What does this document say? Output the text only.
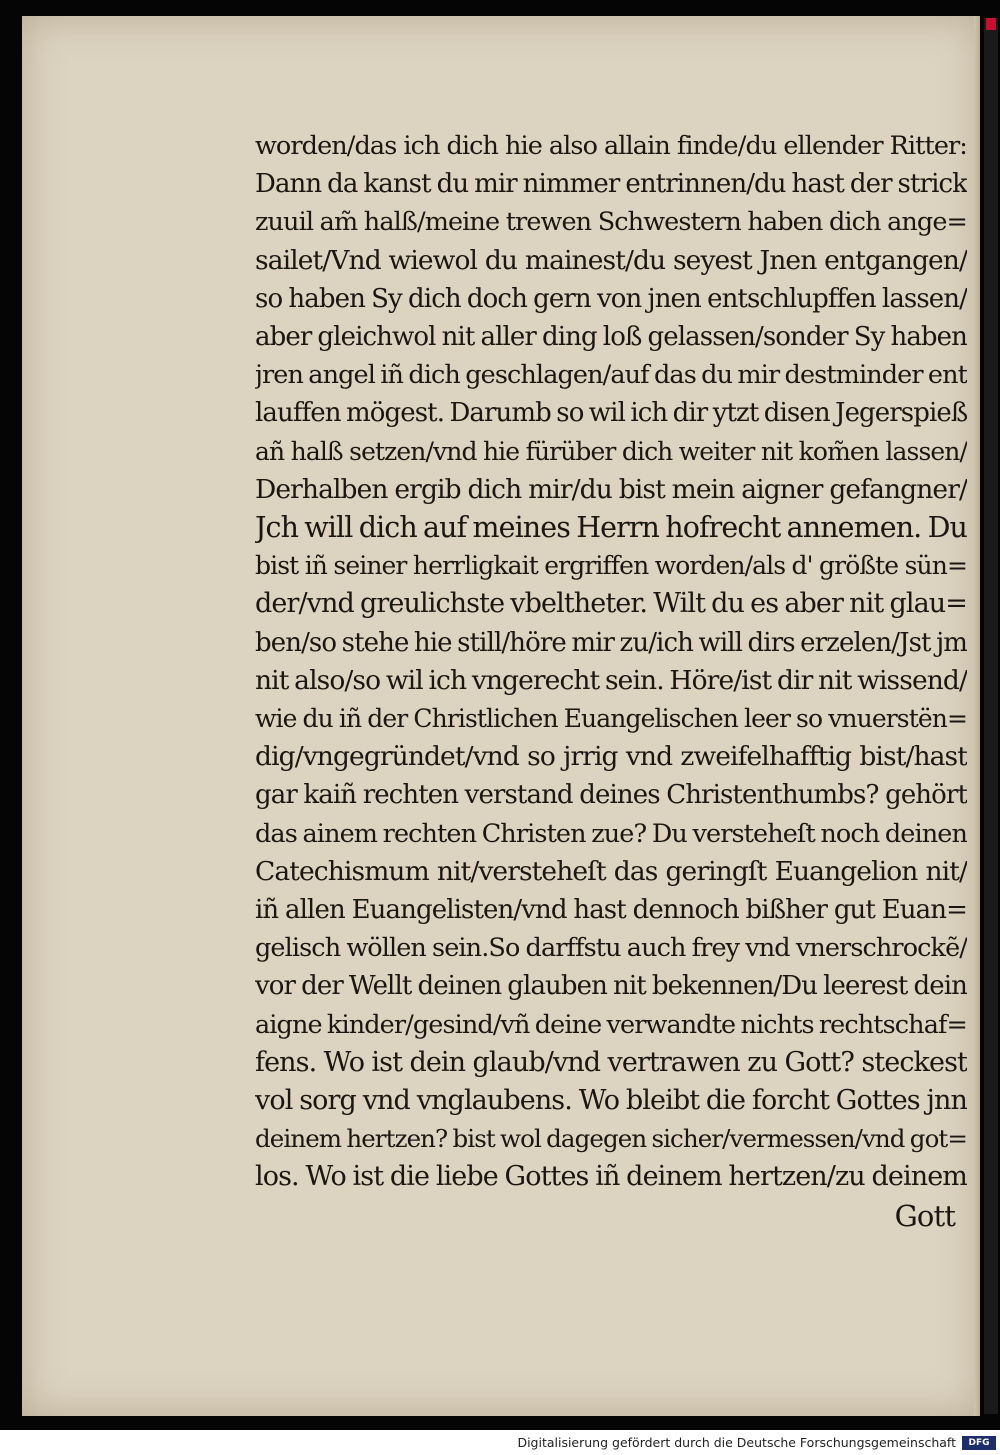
worden/das ich dich hie also allain finde/du ellender Ritter:
Dann da kanst du mir nimmer entrinnen/du hast der strick
zuuil am̃ halß/meine trewen Schwestern haben dich ange=
sailet/Vnd wiewol du mainest/du seyest Jnen entgangen/
so haben Sy dich doch gern von jnen entschlupffen lassen/
aber gleichwol nit aller ding loß gelassen/sonder Sy haben
jren angel iñ dich geschlagen/auf das du mir destminder ent
lauffen mögest. Darumb so wil ich dir ytzt disen Jegerspieß
añ halß setzen/vnd hie fürüber dich weiter nit kom̃en lassen/
Derhalben ergib dich mir/du bist mein aigner gefangner/
Jch will dich auf meines Herrn hofrecht annemen. Du
bist iñ seiner herrligkait ergriffen worden/als d' größte sün=
der/vnd greulichste vbeltheter. Wilt du es aber nit glau=
ben/so stehe hie still/höre mir zu/ich will dirs erzelen/Jst jm
nit also/so wil ich vngerecht sein. Höre/ist dir nit wissend/
wie du iñ der Christlichen Euangelischen leer so vnuerstën=
dig/vngegründet/vnd so jrrig vnd zweifelhafftig bist/hast
gar kaiñ rechten verstand deines Christenthumbs? gehört
das ainem rechten Christen zue? Du versteheſt noch deinen
Catechismum nit/versteheſt das geringſt Euangelion nit/
iñ allen Euangelisten/vnd hast dennoch bißher gut Euan=
gelisch wöllen sein.So darffstu auch frey vnd vnerschrockẽ/
vor der Wellt deinen glauben nit bekennen/Du leerest dein
aigne kinder/gesind/vñ deine verwandte nichts rechtschaf=
fens. Wo ist dein glaub/vnd vertrawen zu Gott? steckest
vol sorg vnd vnglaubens. Wo bleibt die forcht Gottes jnn
deinem hertzen? bist wol dagegen sicher/vermessen/vnd got=
los. Wo ist die liebe Gottes iñ deinem hertzen/zu deinem
Gott
Digitalisierung gefördert durch die Deutsche Forschungsgemeinschaft	DFG
